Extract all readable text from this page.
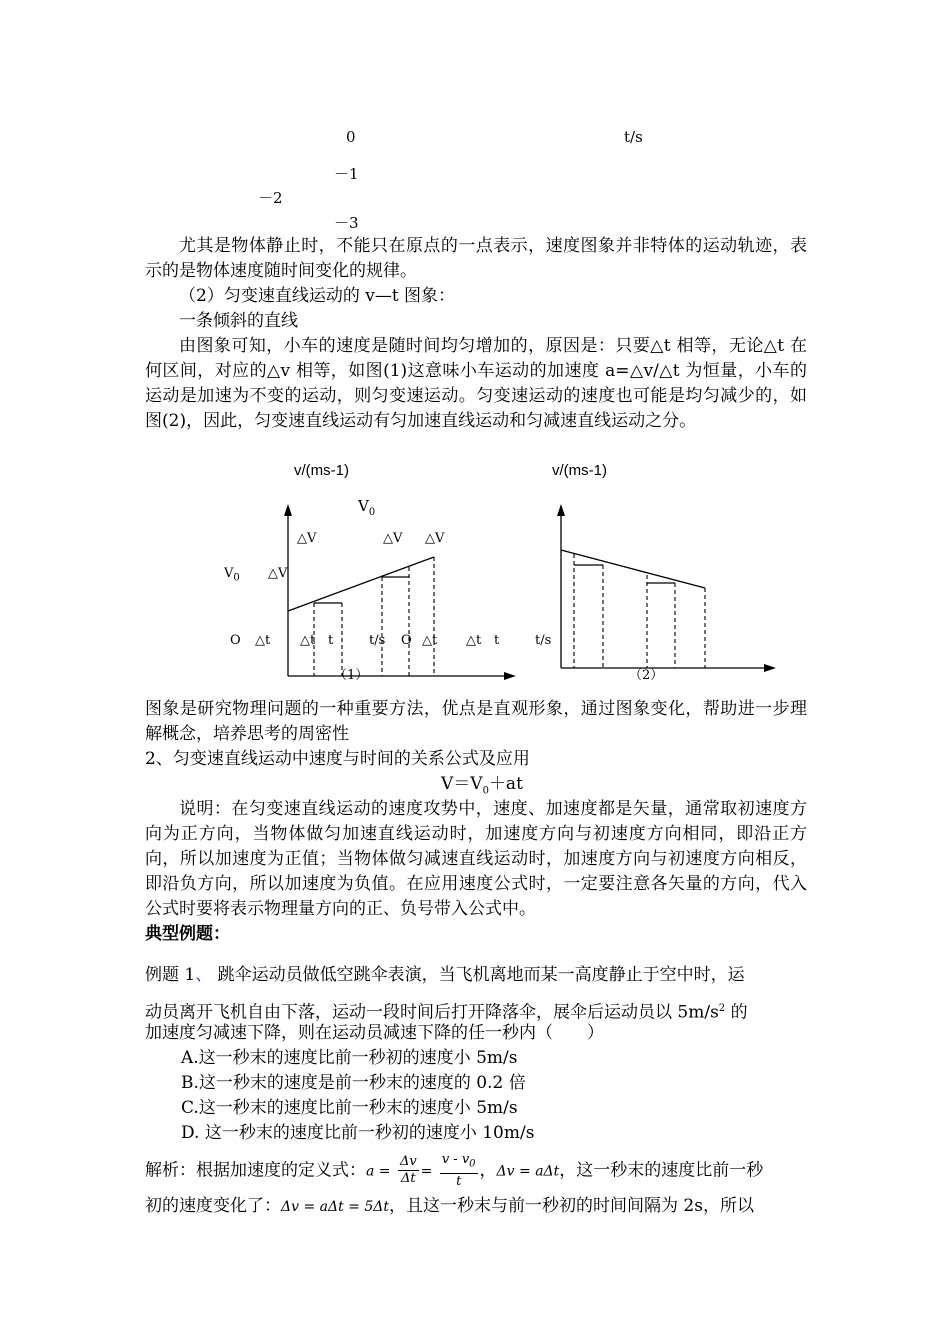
0	t/s
－1
－2
－3
尤其是物体静止时，不能只在原点的一点表示，速度图象并非特体的运动轨迹，表示的是物体速度随时间变化的规律。
（2）匀变速直线运动的 v—t 图象：
一条倾斜的直线
由图象可知，小车的速度是随时间均匀增加的，原因是：只要△t 相等，无论△t 在何区间，对应的△v 相等，如图(1)这意味小车运动的加速度 a=△v/△t 为恒量，小车的运动是加速为不变的运动，则匀变速运动。匀变速运动的速度也可能是均匀减少的，如图(2)，因此，匀变速直线运动有匀加速直线运动和匀减速直线运动之分。
v/(ms-1)
$V_0$
△V	△V △V
$V_0$ △V
O △t △t t	t/s
（1）
v/(ms-1)
O △t △t t	t/s
（2）
图象是研究物理问题的一种重要方法，优点是直观形象，通过图象变化，帮助进一步理解概念，培养思考的周密性
2、匀变速直线运动中速度与时间的关系公式及应用
$V=V_0+at$
说明：在匀变速直线运动的速度攻势中，速度、加速度都是矢量，通常取初速度方向为正方向，当物体做匀加速直线运动时，加速度方向与初速度方向相同，即沿正方向，所以加速度为正值；当物体做匀减速直线运动时，加速度方向与初速度方向相反，即沿负方向，所以加速度为负值。在应用速度公式时，一定要注意各矢量的方向，代入公式时要将表示物理量方向的正、负号带入公式中。
典型例题：
例题 1、 跳伞运动员做低空跳伞表演，当飞机离地而某一高度静止于空中时，运
动员离开飞机自由下落，运动一段时间后打开降落伞，展伞后运动员以 $5m/s^2$ 的
加速度匀减速下降，则在运动员减速下降的任一秒内（　　）
A.这一秒末的速度比前一秒初的速度小 5m/s
B.这一秒末的速度是前一秒末的速度的 0.2 倍
C.这一秒末的速度比前一秒末的速度小 5m/s
D. 这一秒末的速度比前一秒初的速度小 10m/s
解析：根据加速度的定义式：$a = \frac{\Delta v}{\Delta t} = \frac{v - v_0}{t}$ ，Δv = aΔt，这一秒末的速度比前一秒
初的速度变化了：Δv = aΔt = 5Δt，且这一秒末与前一秒初的时间间隔为 2s，所以
